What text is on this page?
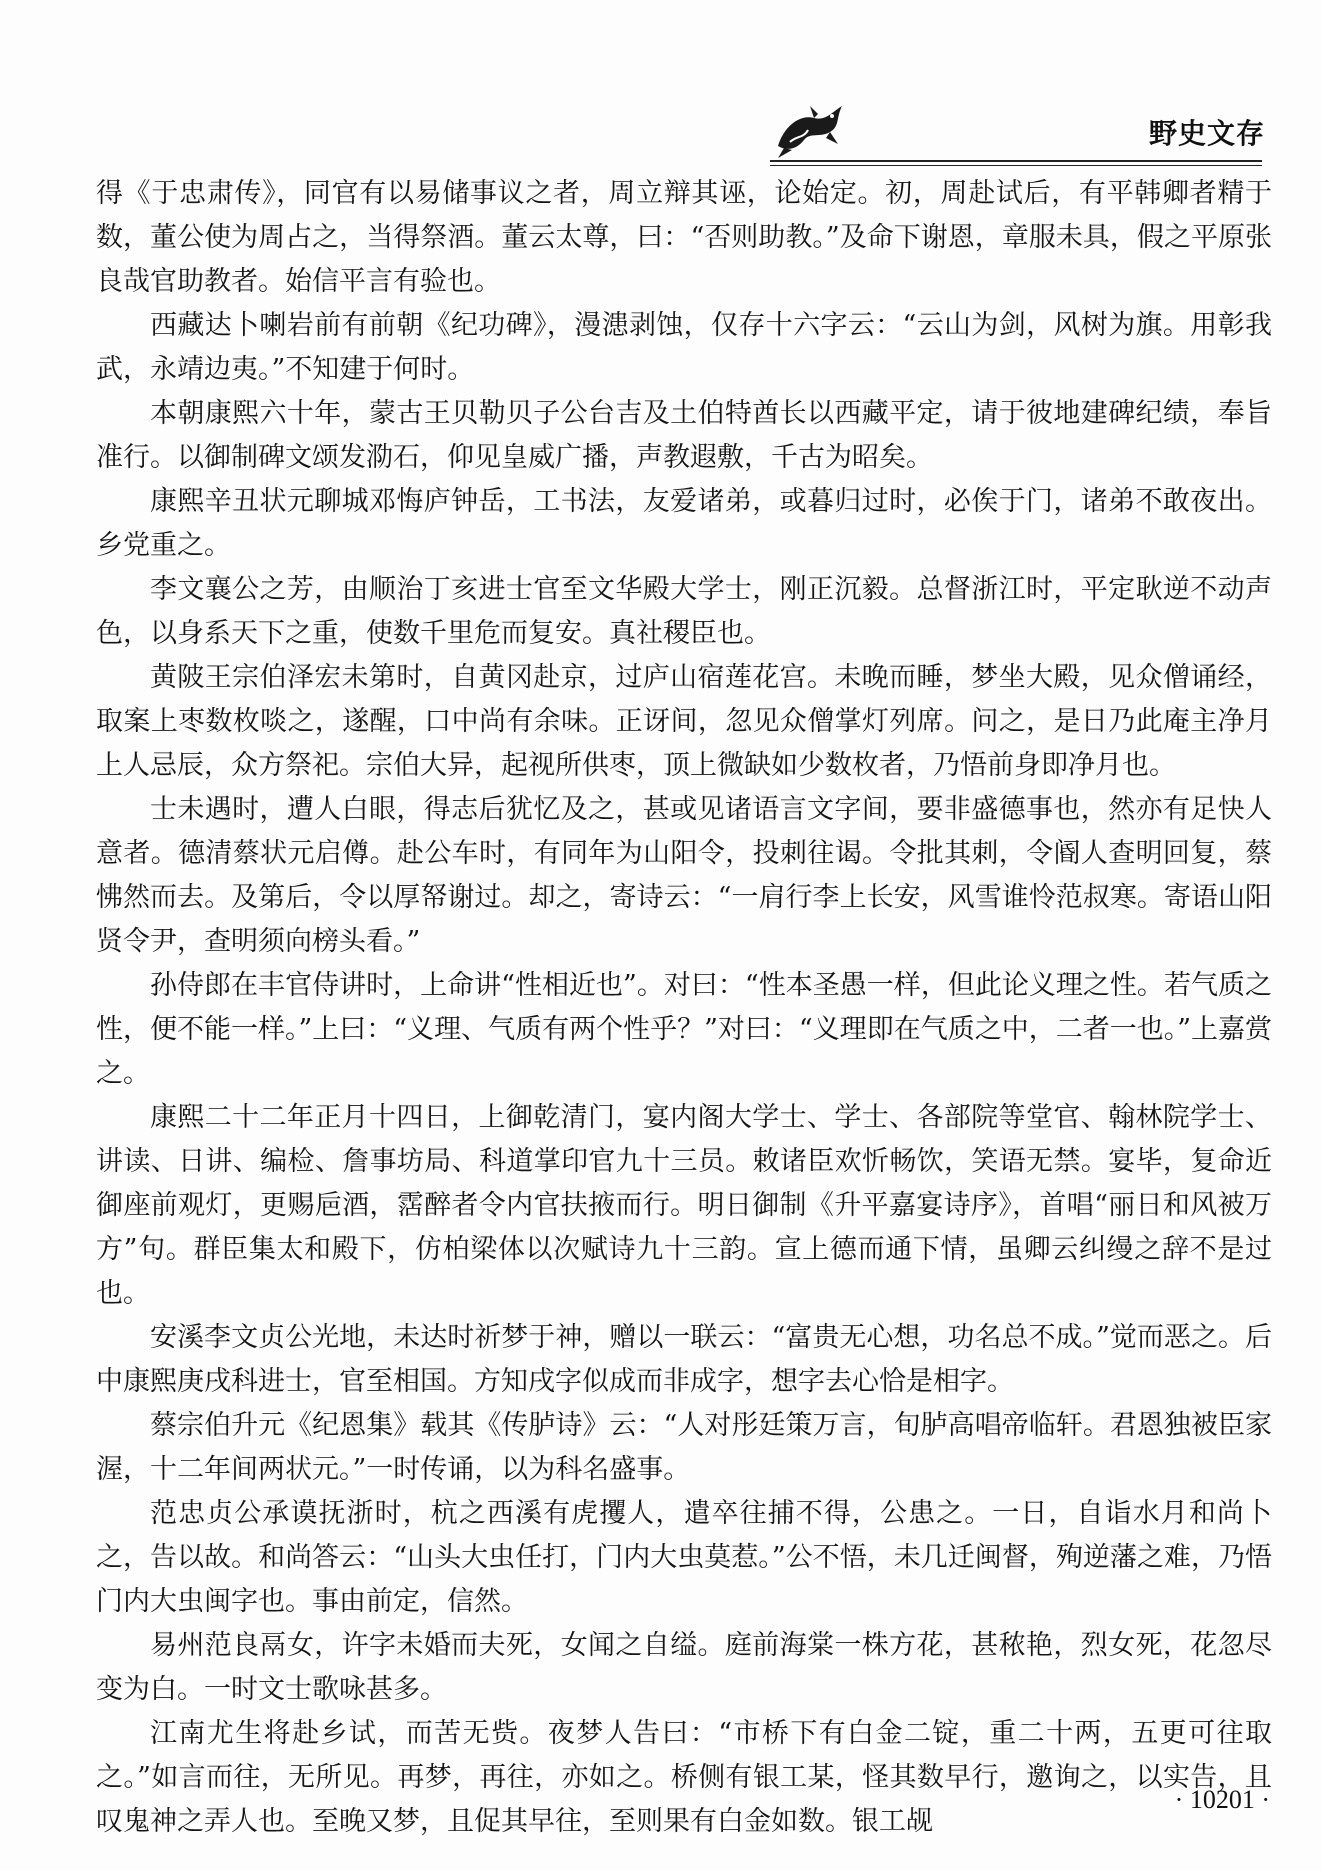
野史文存

得《于忠肃传》，同官有以易储事议之者，周立辩其诬，论始定。初，周赴试后，有平韩卿者精于数，董公使为周占之，当得祭酒。董云太尊，曰：“否则助教。”及命下谢恩，章服未具，假之平原张良哉官助教者。始信平言有验也。

西藏达卜喇岩前有前朝《纪功碑》，漫漶剥蚀，仅存十六字云：“云山为剑，风树为旗。用彰我武，永靖边夷。”不知建于何时。

本朝康熙六十年，蒙古王贝勒贝子公台吉及土伯特酋长以西藏平定，请于彼地建碑纪绩，奉旨准行。以御制碑文颂发泐石，仰见皇威广播，声教遐敷，千古为昭矣。

康熙辛丑状元聊城邓悔庐钟岳，工书法，友爱诸弟，或暮归过时，必俟于门，诸弟不敢夜出。乡党重之。

李文襄公之芳，由顺治丁亥进士官至文华殿大学士，刚正沉毅。总督浙江时，平定耿逆不动声色，以身系天下之重，使数千里危而复安。真社稷臣也。

黄陂王宗伯泽宏未第时，自黄冈赴京，过庐山宿莲花宫。未晚而睡，梦坐大殿，见众僧诵经，取案上枣数枚啖之，遂醒，口中尚有余味。正讶间，忽见众僧掌灯列席。问之，是日乃此庵主净月上人忌辰，众方祭祀。宗伯大异，起视所供枣，顶上微缺如少数枚者，乃悟前身即净月也。

士未遇时，遭人白眼，得志后犹忆及之，甚或见诸语言文字间，要非盛德事也，然亦有足快人意者。德清蔡状元启僔。赴公车时，有同年为山阳令，投刺往谒。令批其刺，令阍人查明回复，蔡怫然而去。及第后，令以厚帑谢过。却之，寄诗云：“一肩行李上长安，风雪谁怜范叔寒。寄语山阳贤令尹，查明须向榜头看。”

孙侍郎在丰官侍讲时，上命讲“性相近也”。对曰：“性本圣愚一样，但此论义理之性。若气质之性，便不能一样。”上曰：“义理、气质有两个性乎？”对曰：“义理即在气质之中，二者一也。”上嘉赏之。

康熙二十二年正月十四日，上御乾清门，宴内阁大学士、学士、各部院等堂官、翰林院学士、讲读、日讲、编检、詹事坊局、科道掌印官九十三员。敕诸臣欢忻畅饮，笑语无禁。宴毕，复命近御座前观灯，更赐巵酒，霑醉者令内官扶掖而行。明日御制《升平嘉宴诗序》，首唱“丽日和风被万方”句。群臣集太和殿下，仿柏梁体以次赋诗九十三韵。宣上德而通下情，虽卿云纠缦之辞不是过也。

安溪李文贞公光地，未达时祈梦于神，赠以一联云：“富贵无心想，功名总不成。”觉而恶之。后中康熙庚戌科进士，官至相国。方知戌字似成而非成字，想字去心恰是相字。

蔡宗伯升元《纪恩集》载其《传胪诗》云：“人对彤廷策万言，旬胪高唱帝临轩。君恩独被臣家渥，十二年间两状元。”一时传诵，以为科名盛事。

范忠贞公承谟抚浙时，杭之西溪有虎攫人，遣卒往捕不得，公患之。一日，自诣水月和尚卜之，告以故。和尚答云：“山头大虫任打，门内大虫莫惹。”公不悟，未几迁闽督，殉逆藩之难，乃悟门内大虫闽字也。事由前定，信然。

易州范良鬲女，许字未婚而夫死，女闻之自缢。庭前海棠一株方花，甚秾艳，烈女死，花忽尽变为白。一时文士歌咏甚多。

江南尤生将赴乡试，而苦无赀。夜梦人告曰：“市桥下有白金二锭，重二十两，五更可往取之。”如言而往，无所见。再梦，再往，亦如之。桥侧有银工某，怪其数早行，邀询之，以实告，且叹鬼神之弄人也。至晚又梦，且促其早往，至则果有白金如数。银工觇

· 10201 ·
